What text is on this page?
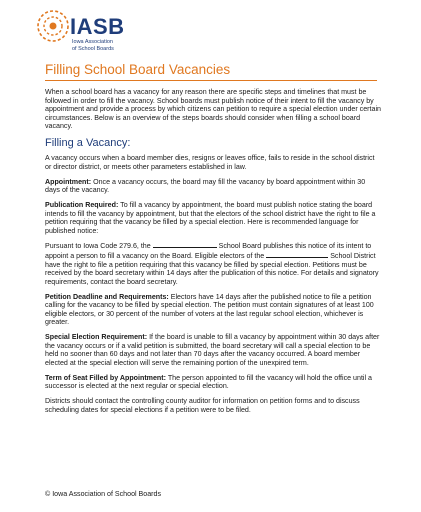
IASB
Iowa Association
of School Boards
Filling School Board Vacancies

When a school board has a vacancy for any reason there are specific steps and timelines that must be followed in order to fill the vacancy. School boards must publish notice of their intent to fill the vacancy by appointment and provide a process by which citizens can petition to require a special election under certain circumstances. Below is an overview of the steps boards should consider when filling a school board vacancy.

Filling a Vacancy:

A vacancy occurs when a board member dies, resigns or leaves office, fails to reside in the school district or director district, or meets other parameters established in law.

Appointment: Once a vacancy occurs, the board may fill the vacancy by board appointment within 30 days of the vacancy.

Publication Required: To fill a vacancy by appointment, the board must publish notice stating the board intends to fill the vacancy by appointment, but that the electors of the school district have the right to file a petition requiring that the vacancy be filled by a special election. Here is recommended language for published notice:

Pursuant to Iowa Code 279.6, the	School Board publishes this notice of its intent to appoint a person to fill a vacancy on the Board. Eligible electors of the	School District have the right to file a petition requiring that this vacancy be filled by special election. Petitions must be received by the board secretary within 14 days after the publication of this notice. For details and signatory requirements, contact the board secretary.

Petition Deadline and Requirements: Electors have 14 days after the published notice to file a petition calling for the vacancy to be filled by special election. The petition must contain signatures of at least 100 eligible electors, or 30 percent of the number of voters at the last regular school election, whichever is greater.

Special Election Requirement: If the board is unable to fill a vacancy by appointment within 30 days after the vacancy occurs or if a valid petition is submitted, the board secretary will call a special election to be held no sooner than 60 days and not later than 70 days after the vacancy occurred. A board member elected at the special election will serve the remaining portion of the unexpired term.

Term of Seat Filled by Appointment: The person appointed to fill the vacancy will hold the office until a successor is elected at the next regular or special election.

Districts should contact the controlling county auditor for information on petition forms and to discuss scheduling dates for special elections if a petition were to be filed.

© Iowa Association of School Boards
